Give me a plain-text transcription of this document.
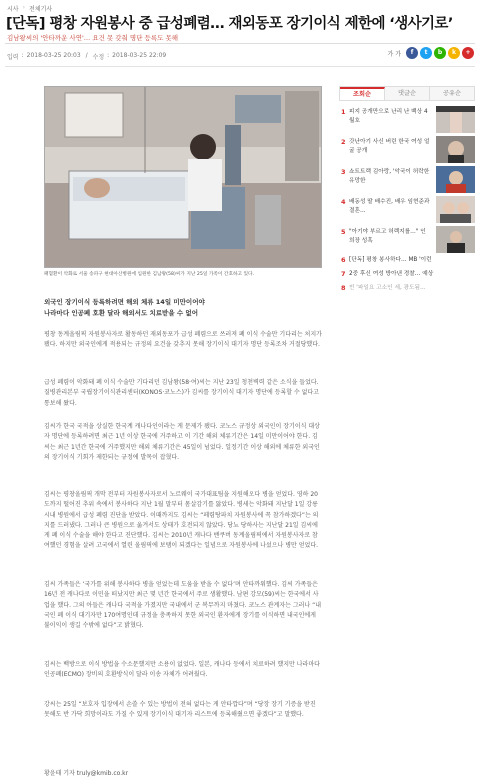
시사 › 전체기사
[단독] 평창 자원봉사 중 급성폐렴… 재외동포 장기이식 제한에 ‘생사기로’
김남왕씨의 '안타까운 사연'… 요건 못 갖춰 명단 등록도 못해
입력 : 2018-03-25 20:03 / 수정 : 2018-03-25 22:09	가 가	f	t	b	k	+
패혈환이 악화로 서울 송파구 현대아산병원에 입원한 김남왕(58)씨가 지난 25일 가족이 간호하고 있다.
외국인 장기이식 등록하려면 해외 체류 14일 미만이어야
나라마다 인공폐 호환 달라 해외서도 치료받을 수 없어

평창 동계올림픽 자원봉사자로 활동하던 재외동포가 급성 폐렴으로 쓰러져 폐 이식 수술만 기다리는 처지가 됐다. 하지만 외국인에게 적용되는 규정의 요건을 갖추지 못해 장기이식 대기자 명단 등록조차 거절당했다.

급성 폐렴이 악화돼 폐 이식 수술만 기다리던 김남왕(58·여)씨는 지난 23일 청천벽력 같은 소식을 들었다. 질병관리본부 국립장기이식관리센터(KONOS·코노스)가 김씨를 장기이식 대기자 명단에 등록할 수 없다고 통보해 왔다.

김씨가 한국 국적을 상실한 한국계 캐나다인이라는 게 문제가 됐다. 코노스 규정상 외국인이 장기이식 대상자 명단에 등록하려면 최근 1년 이상 한국에 거주하고 이 기간 해외 체류기간은 14일 미만이어야 한다. 김씨는 최근 1년간 한국에 거주했지만 해외 체류기간은 45일이 넘었다. 일정기간 이상 해외에 체류한 외국인의 장기이식 기회가 제한되는 규정에 발목이 잡혔다.

김씨는 평창올림픽 개막 전부터 자원봉사자로서 노르웨이 국가대표팀을 지원해오다 병을 얻었다. 영하 20도까지 떨어진 추위 속에서 봉사하다 지난 1월 말부터 몸살감기를 앓았다. 병세는 악화돼 지난달 1일 강릉시내 병원에서 급성 폐렴 진단을 받았다. 이때까지도 김씨는 “페렴탕파치 자원봉사에 꼭 참가하겠다”는 의지를 드러냈다. 그러나 큰 병원으로 옮겨서도 상태가 호전되지 않았다. 당뇨 당하사는 지난달 21일 김씨에게 폐 이식 수술을 해야 한다고 진단했다. 김씨는 2010년 캐나다 밴쿠버 동계올림픽에서 자원봉사자로 참여했던 경험을 살려 고국에서 열린 올림픽에 보탬이 되겠다는 일념으로 자원봉사에 나섰으나 병만 얻었다.

김씨 가족들은 ‘국가를 위해 봉사하다 병을 얻었는데 도움을 받을 수 없다’며 안타까워했다. 김씨 가족들은 16년 전 캐나다로 이민을 떠났지만 최근 몇 년간 한국에서 주로 생활했다. 남편 강모(59)씨는 한국에서 사업을 했다. 그의 아들은 캐나다 국적을 가졌지만 국내에서 군 복무까지 마쳤다. 코노스 관계자는 그러나 “내국인 폐 이식 대기자만 170여명인데 규정을 충족하지 못한 외국인 환자에게 장기를 이식하면 내국인에게 불이익이 생길 수밖에 없다”고 밝혔다.

김씨는 백방으로 이식 방법을 수소문했지만 소용이 없었다. 일본, 캐나다 등에서 치료하려 했지만 나라마다 인공폐(ECMO) 장비의 호환방식이 달라 이송 자체가 어려웠다.

강씨는 25일 “보호자 입장에서 손쓸 수 있는 방법이 전혀 없다는 게 안타깝다”며 “당장 장기 기증을 받진 못해도 반 가닥 희망이라도 가질 수 있게 장기이식 대기자 리스트에 등록해줬으면 좋겠다”고 말했다.

황윤태 기자 truly@kmib.co.kr
조회순	댓글순	공유순
1 피지 공개만으로 난리 난 백상 4월호
2 갓난아기 사신 버린 한국 여성 얼굴 공개
3 쇼트트랙 김아랑, '악국이 허락한 유망한
4 배동성 딸 배수진, 배우 임현준과 결혼…
5 "아기야 부르고 허렉지를…" 인희장 성혹
6 [단독] 평창 봉사하다… MB '이런
7 2중 후신 여성 방아낸 경찰… 예상
8 빈 '파일요 고소인 세, 광도됨…
